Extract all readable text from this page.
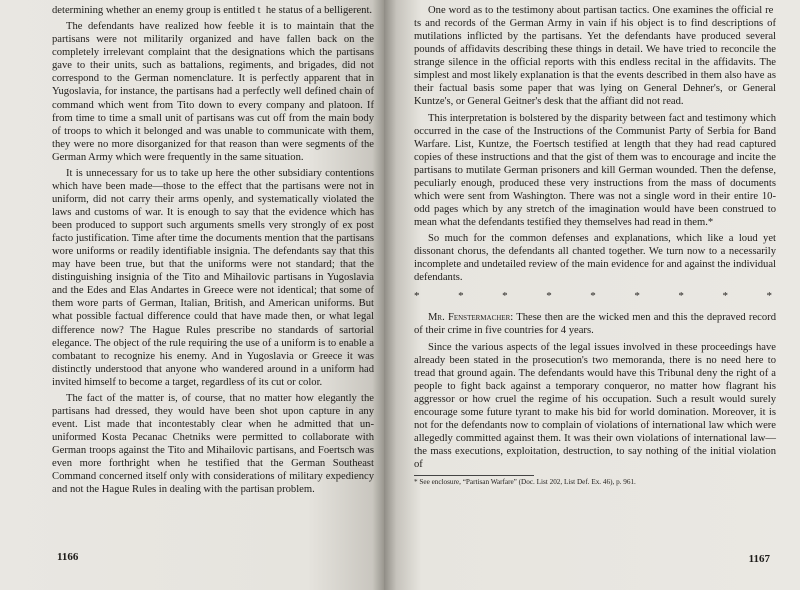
determining whether an enemy group is entitled t  he status of a belligerent.

The defendants have realized how feeble it is to maintain that the partisans were not militarily organized and have fallen back on the completely irrelevant complaint that the designations which the partisans gave to their units, such as battalions, regiments, and brigades, did not correspond to the German nomenclature. It is perfectly apparent that in Yugoslavia, for instance, the partisans had a perfectly well defined chain of command which went from Tito down to every company and platoon. If from time to time a small unit of partisans was cut off from the main body of troops to which it belonged and was unable to communicate with them, they were no more disorganized for that reason than were segments of the German Army which were frequently in the same situation.

It is unnecessary for us to take up here the other subsidiary contentions which have been made—those to the effect that the partisans were not in uniform, did not carry their arms openly, and systematically violated the laws and customs of war. It is enough to say that the evidence which has been produced to support such arguments smells very strongly of ex post facto justification. Time after time the documents mention that the partisans wore uniforms or readily identifiable insignia. The defendants say that this may have been true, but that the uniforms were not standard; that the distinguishing insignia of the Tito and Mihailovic partisans in Yugoslavia and the Edes and Elas Andartes in Greece were not identical; that some of them wore parts of German, Italian, British, and American uniforms. But what possible factual difference could that have made then, or what legal difference now? The Hague Rules prescribe no standards of sartorial elegance. The object of the rule requiring the use of a uniform is to enable a combatant to recognize his enemy. And in Yugoslavia or Greece it was distinctly understood that anyone who wandered around in a uniform had invited himself to become a target, regardless of its cut or color.

The fact of the matter is, of course, that no matter how elegantly the partisans had dressed, they would have been shot upon capture in any event. List made that incontestably clear when he admitted that un-uniformed Kosta Pecanac Chetniks were permitted to collaborate with German troops against the Tito and Mihailovic partisans, and Foertsch was even more forthright when he testified that the German Southeast Command concerned itself only with considerations of military expediency and not the Hague Rules in dealing with the partisan problem.

1166

One word as to the testimony about partisan tactics. One examines the official re  ts and records of the German Army in vain if his object is to find descriptions of mutilations inflicted by the partisans. Yet the defendants have produced several pounds of affidavits describing these things in detail. We have tried to reconcile the strange silence in the official reports with this endless recital in the affidavits. The simplest and most likely explanation is that the events described in them also have as their factual basis some paper that was lying on General Dehner's, or General Kuntze's, or General Geitner's desk that the affiant did not read.

This interpretation is bolstered by the disparity between fact and testimony which occurred in the case of the Instructions of the Communist Party of Serbia for Band Warfare. List, Kuntze, the Foertsch testified at length that they had read captured copies of these instructions and that the gist of them was to encourage and incite the partisans to mutilate German prisoners and kill German wounded. Then the defense, peculiarly enough, produced these very instructions from the mass of documents which were sent from Washington. There was not a single word in their entire 10-odd pages which by any stretch of the imagination would have been construed to mean what the defendants testified they themselves had read in them.*

So much for the common defenses and explanations, which like a loud yet dissonant chorus, the defendants all chanted together. We turn now to a necessarily incomplete and undetailed review of the main evidence for and against the individual defendants.

*	*	*	*	*	*	*	*	*

Mr. Fenstermacher: These then are the wicked men and this the depraved record of their crime in five countries for 4 years.

Since the various aspects of the legal issues involved in these proceedings have already been stated in the prosecution's two memoranda, there is no need here to tread that ground again. The defendants would have this Tribunal deny the right of a people to fight back against a temporary conqueror, no matter how flagrant his aggressor or how cruel the regime of his occupation. Such a result would surely encourage some future tyrant to make his bid for world domination. Moreover, it is not for the defendants now to complain of violations of international law which were allegedly committed against them. It was their own violations of international law—the mass executions, exploitation, destruction, to say nothing of the initial violation of

* See enclosure, “Partisan Warfare” (Doc. List 202, List Def. Ex. 46), p. 961.
1167
